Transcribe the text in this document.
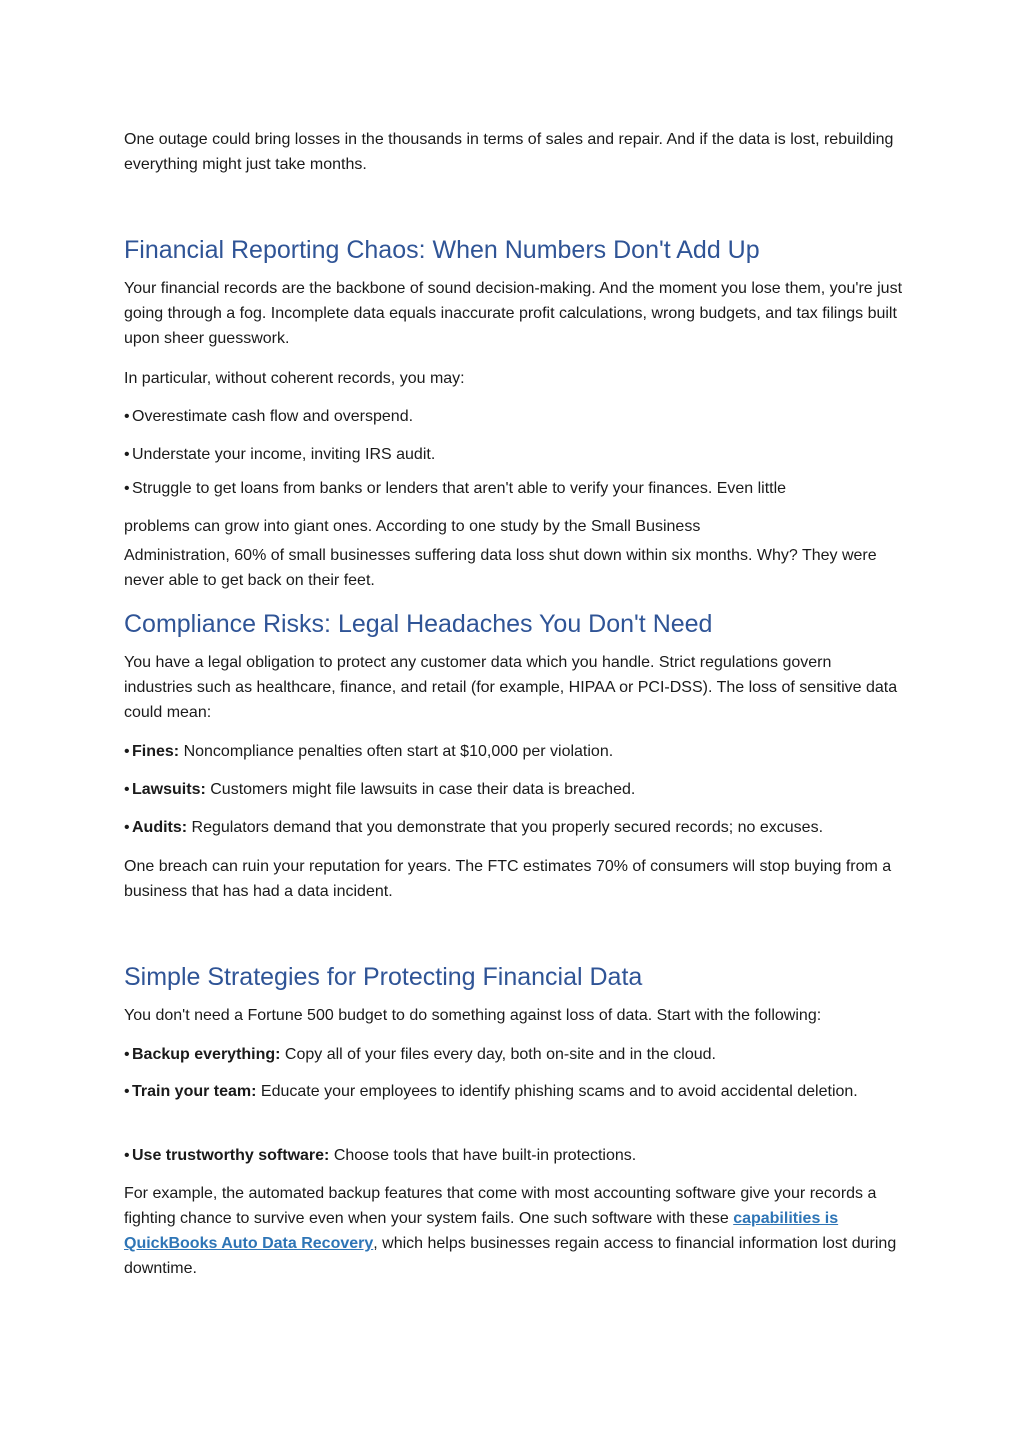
One outage could bring losses in the thousands in terms of sales and repair. And if the data is lost, rebuilding everything might just take months.

Financial Reporting Chaos: When Numbers Don't Add Up

Your financial records are the backbone of sound decision-making. And the moment you lose them, you're just going through a fog. Incomplete data equals inaccurate profit calculations, wrong budgets, and tax filings built upon sheer guesswork.

In particular, without coherent records, you may:

• Overestimate cash flow and overspend.

• Understate your income, inviting IRS audit.

• Struggle to get loans from banks or lenders that aren't able to verify your finances. Even little

problems can grow into giant ones. According to one study by the Small Business

Administration, 60% of small businesses suffering data loss shut down within six months. Why? They were never able to get back on their feet.

Compliance Risks: Legal Headaches You Don't Need

You have a legal obligation to protect any customer data which you handle. Strict regulations govern industries such as healthcare, finance, and retail (for example, HIPAA or PCI-DSS). The loss of sensitive data could mean:

• Fines: Noncompliance penalties often start at $10,000 per violation.

• Lawsuits: Customers might file lawsuits in case their data is breached.

• Audits: Regulators demand that you demonstrate that you properly secured records; no excuses.

One breach can ruin your reputation for years. The FTC estimates 70% of consumers will stop buying from a business that has had a data incident.

Simple Strategies for Protecting Financial Data

You don't need a Fortune 500 budget to do something against loss of data. Start with the following:

• Backup everything: Copy all of your files every day, both on-site and in the cloud.

• Train your team: Educate your employees to identify phishing scams and to avoid accidental deletion.

• Use trustworthy software: Choose tools that have built-in protections.

For example, the automated backup features that come with most accounting software give your records a fighting chance to survive even when your system fails. One such software with these capabilities is QuickBooks Auto Data Recovery, which helps businesses regain access to financial information lost during downtime.
